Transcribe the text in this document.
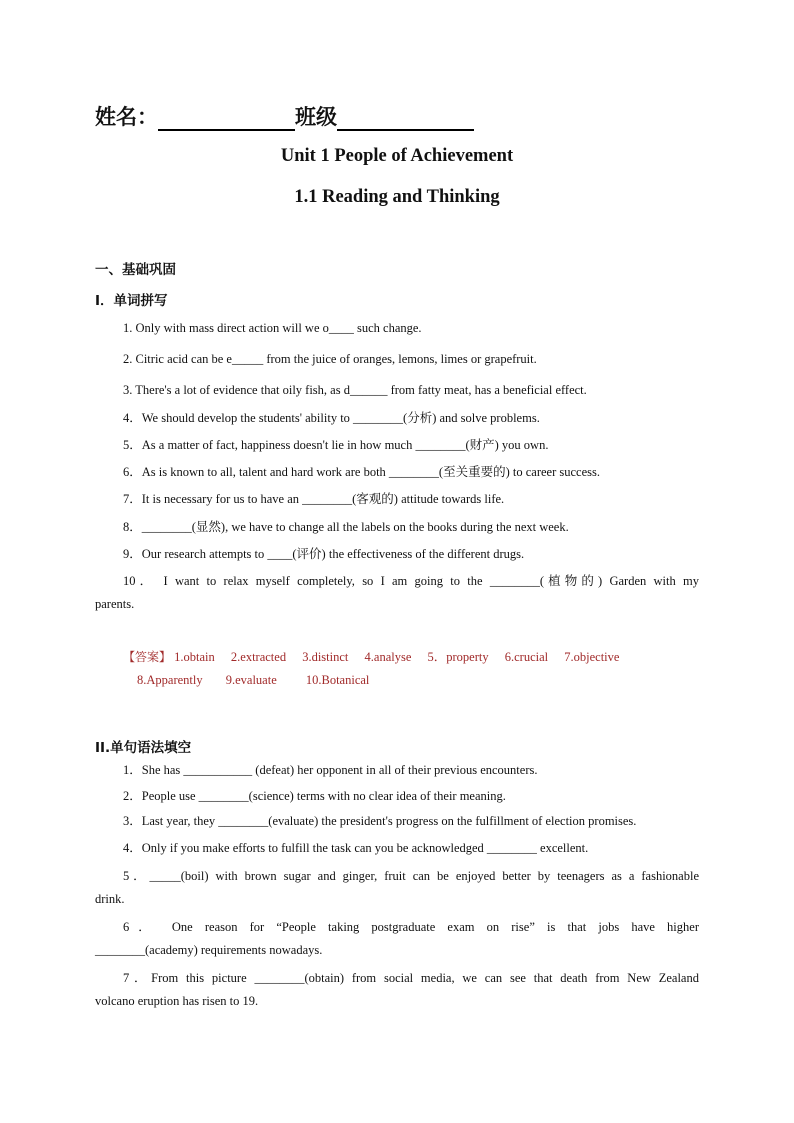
姓名：	班级
Unit 1 People of Achievement
1.1 Reading and Thinking
一、基础巩固
I．单词拼写
1. Only with mass direct action will we o____ such change.
2. Citric acid can be e_____ from the juice of oranges, lemons, limes or grapefruit.
3. There's a lot of evidence that oily fish, as d______ from fatty meat, has a beneficial effect.
4．We should develop the students' ability to ________(分析) and solve problems.
5．As a matter of fact, happiness doesn't lie in how much ________(财产) you own.
6．As is known to all, talent and hard work are both ________(至关重要的) to career success.
7．It is necessary for us to have an ________(客观的) attitude towards life.
8．________(显然), we have to change all the labels on the books during the next week.
9．Our research attempts to ____(评价) the effectiveness of the different drugs.
10． I want to relax myself completely, so I am going to the ________(植物的) Garden with my
parents.
【答案】 1.obtain 2.extracted 3.distinct 4.analyse 5．property 6.crucial 7.objective
8.Apparently 9.evaluate 10.Botanical
II.单句语法填空
1．She has ___________ (defeat) her opponent in all of their previous encounters.
2．People use ________(science) terms with no clear idea of their meaning.
3．Last year, they ________(evaluate) the president's progress on the fulfillment of election promises.
4．Only if you make efforts to fulfill the task can you be acknowledged ________ excellent.
5．_____(boil) with brown sugar and ginger, fruit can be enjoyed better by teenagers as a fashionable
drink.
6． One reason for “People taking postgraduate exam on rise” is that jobs have higher
________(academy) requirements nowadays.
7．From this picture ________(obtain) from social media, we can see that death from New Zealand
volcano eruption has risen to 19.
